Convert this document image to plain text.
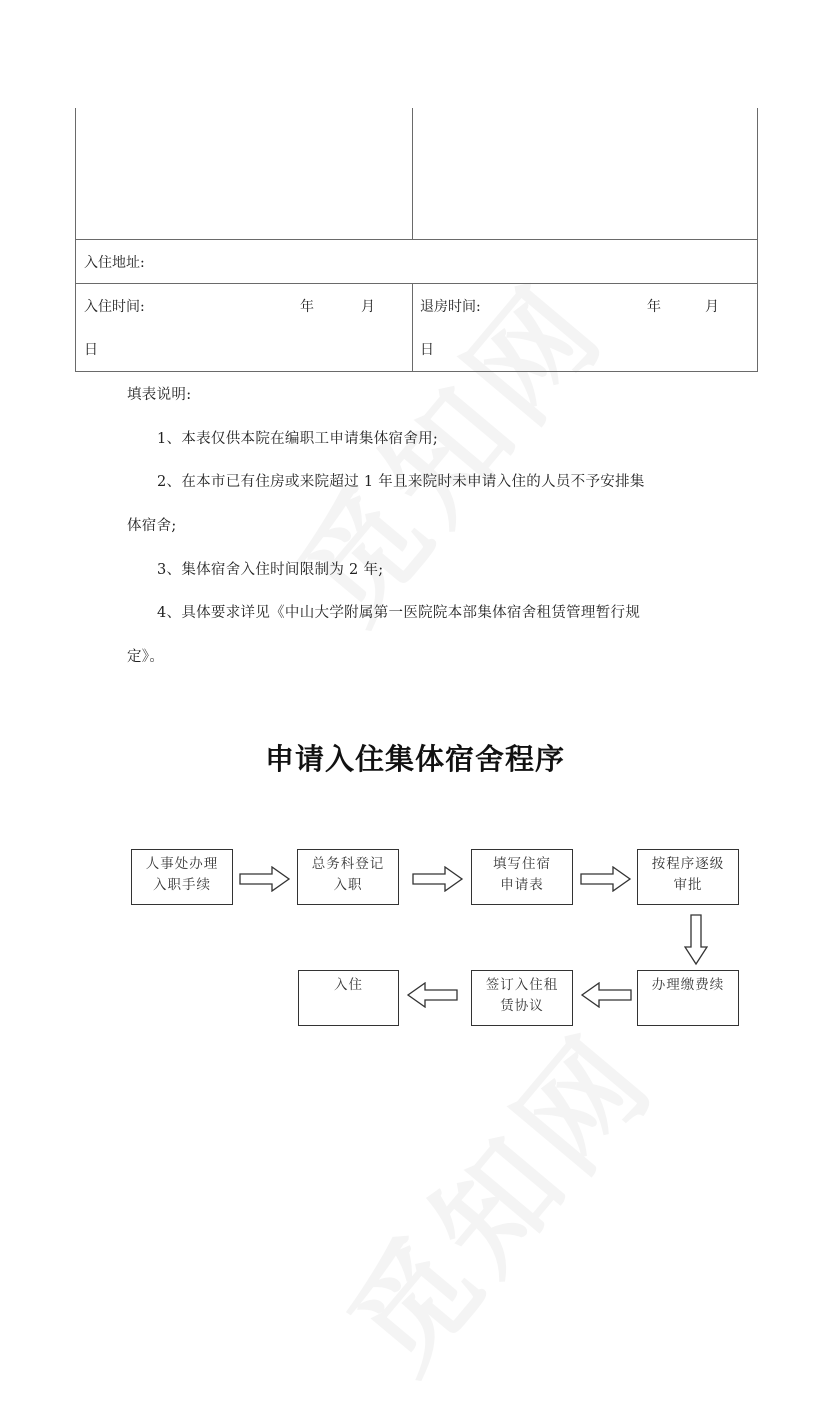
入住地址:
入住时间:	年	月
日
退房时间:	年	月
日
填表说明:
1、本表仅供本院在编职工申请集体宿舍用;
2、在本市已有住房或来院超过 1 年且来院时未申请入住的人员不予安排集
体宿舍;
3、集体宿舍入住时间限制为 2 年;
4、具体要求详见《中山大学附属第一医院院本部集体宿舍租赁管理暂行规
定》。
申请入住集体宿舍程序
人事处办理
入职手续
总务科登记
入职
填写住宿
申请表
按程序逐级
审批
办理缴费续
签订入住租
赁协议
入住
